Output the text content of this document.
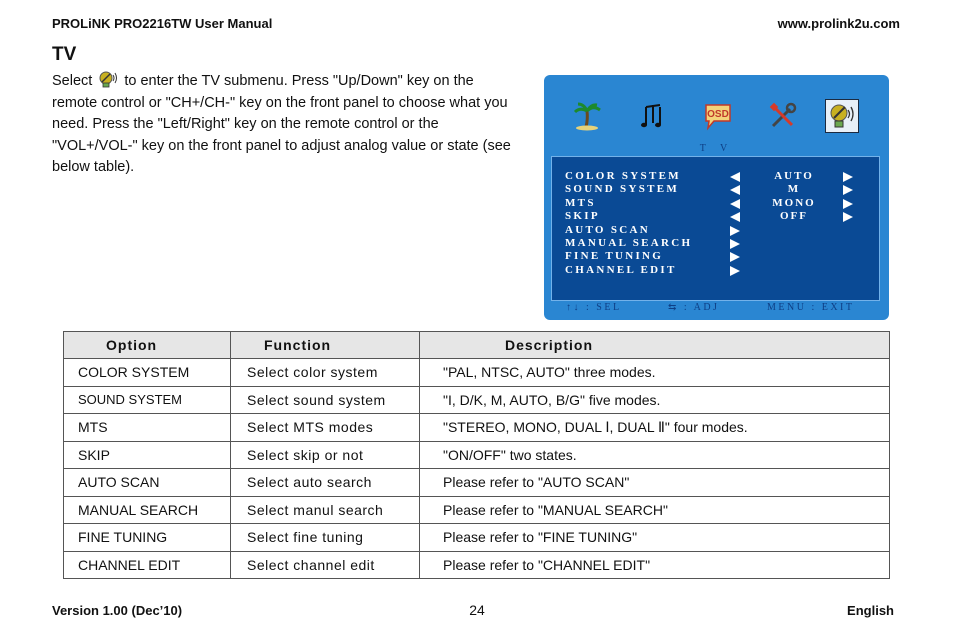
PROLiNK PRO2216TW User Manual	www.prolink2u.com
TV
Select to enter the TV submenu. Press "Up/Down" key on the remote control or "CH+/CH-" key on the front panel to choose what you need. Press the "Left/Right" key on the remote control or the "VOL+/VOL-" key on the front panel to adjust analog value or state (see below table).
OSD
T V
COLOR SYSTEM	AUTO
SOUND SYSTEM	M
MTS	MONO
SKIP	OFF
AUTO SCAN
MANUAL SEARCH
FINE TUNING
CHANNEL EDIT
↑↓ : SEL	⇆ : ADJ	MENU : EXIT
Option	Function	Description
COLOR SYSTEM	Select color system	"PAL, NTSC, AUTO" three modes.
SOUND SYSTEM	Select sound system	"I, D/K, M, AUTO, B/G" five modes.
MTS	Select MTS modes	"STEREO, MONO, DUAL Ⅰ, DUAL Ⅱ" four modes.
SKIP	Select skip or not	"ON/OFF" two states.
AUTO SCAN	Select auto search	Please refer to "AUTO SCAN"
MANUAL SEARCH	Select manul search	Please refer to "MANUAL SEARCH"
FINE TUNING	Select fine tuning	Please refer to "FINE TUNING"
CHANNEL EDIT	Select channel edit	Please refer to "CHANNEL EDIT"
Version 1.00 (Dec’10)	24	English
